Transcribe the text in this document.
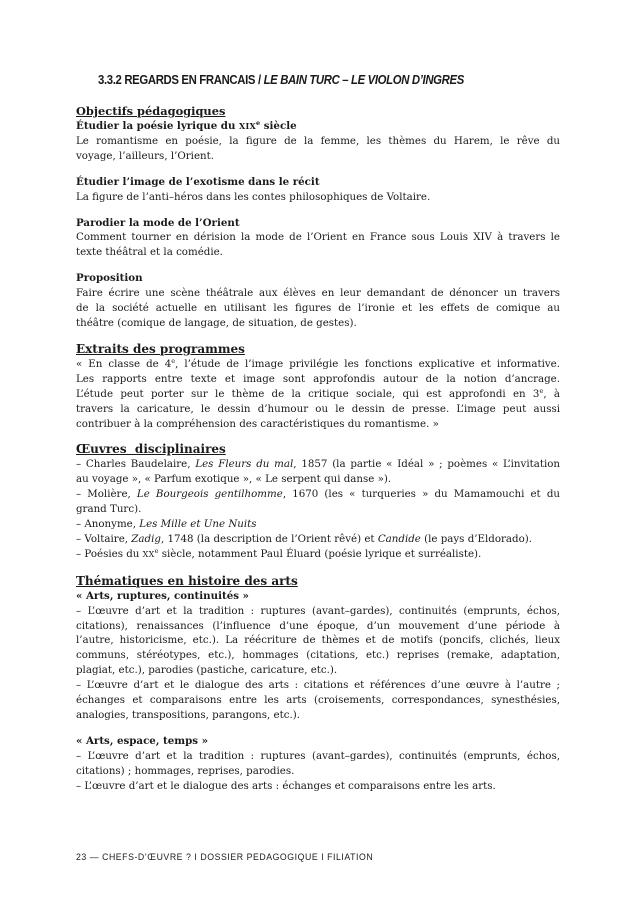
3.3.2 REGARDS EN FRANCAIS / LE BAIN TURC – LE VIOLON D’INGRES
Objectifs pédagogiques
Étudier la poésie lyrique du XIXe siècle
Le romantisme en poésie, la figure de la femme, les thèmes du Harem, le rêve du
voyage, l’ailleurs, l’Orient.
Étudier l’image de l’exotisme dans le récit
La figure de l’anti–héros dans les contes philosophiques de Voltaire.
Parodier la mode de l’Orient
Comment tourner en dérision la mode de l’Orient en France sous Louis XIV à travers le
texte théâtral et la comédie.
Proposition
Faire écrire une scène théâtrale aux élèves en leur demandant de dénoncer un travers
de la société actuelle en utilisant les figures de l’ironie et les effets de comique au
théâtre (comique de langage, de situation, de gestes).
Extraits des programmes
« En classe de 4e, l’étude de l’image privilégie les fonctions explicative et informative.
Les rapports entre texte et image sont approfondis autour de la notion d’ancrage.
L’étude peut porter sur le thème de la critique sociale, qui est approfondi en 3e, à
travers la caricature, le dessin d’humour ou le dessin de presse. L’image peut aussi
contribuer à la compréhension des caractéristiques du romantisme. »
Œuvres  disciplinaires
– Charles Baudelaire, Les Fleurs du mal, 1857 (la partie « Idéal » ; poèmes « L’invitation
au voyage », « Parfum exotique », « Le serpent qui danse »).
– Molière, Le Bourgeois gentilhomme, 1670 (les « turqueries » du Mamamouchi et du
grand Turc).
– Anonyme, Les Mille et Une Nuits
– Voltaire, Zadig, 1748 (la description de l’Orient rêvé) et Candide (le pays d’Eldorado).
– Poésies du XXe siècle, notamment Paul Éluard (poésie lyrique et surréaliste).
Thématiques en histoire des arts
« Arts, ruptures, continuités »
– L’œuvre d’art et la tradition : ruptures (avant–gardes), continuités (emprunts, échos,
citations), renaissances (l’influence d’une époque, d’un mouvement d’une période à
l’autre, historicisme, etc.). La réécriture de thèmes et de motifs (poncifs, clichés, lieux
communs, stéréotypes, etc.), hommages (citations, etc.) reprises (remake, adaptation,
plagiat, etc.), parodies (pastiche, caricature, etc.).
– L’œuvre d’art et le dialogue des arts : citations et références d’une œuvre à l’autre ;
échanges et comparaisons entre les arts (croisements, correspondances, synesthésies,
analogies, transpositions, parangons, etc.).
« Arts, espace, temps »
– L’œuvre d’art et la tradition : ruptures (avant–gardes), continuités (emprunts, échos,
citations) ; hommages, reprises, parodies.
– L’œuvre d’art et le dialogue des arts : échanges et comparaisons entre les arts.
23 — CHEFS-D’ŒUVRE ? I DOSSIER PEDAGOGIQUE I FILIATION
